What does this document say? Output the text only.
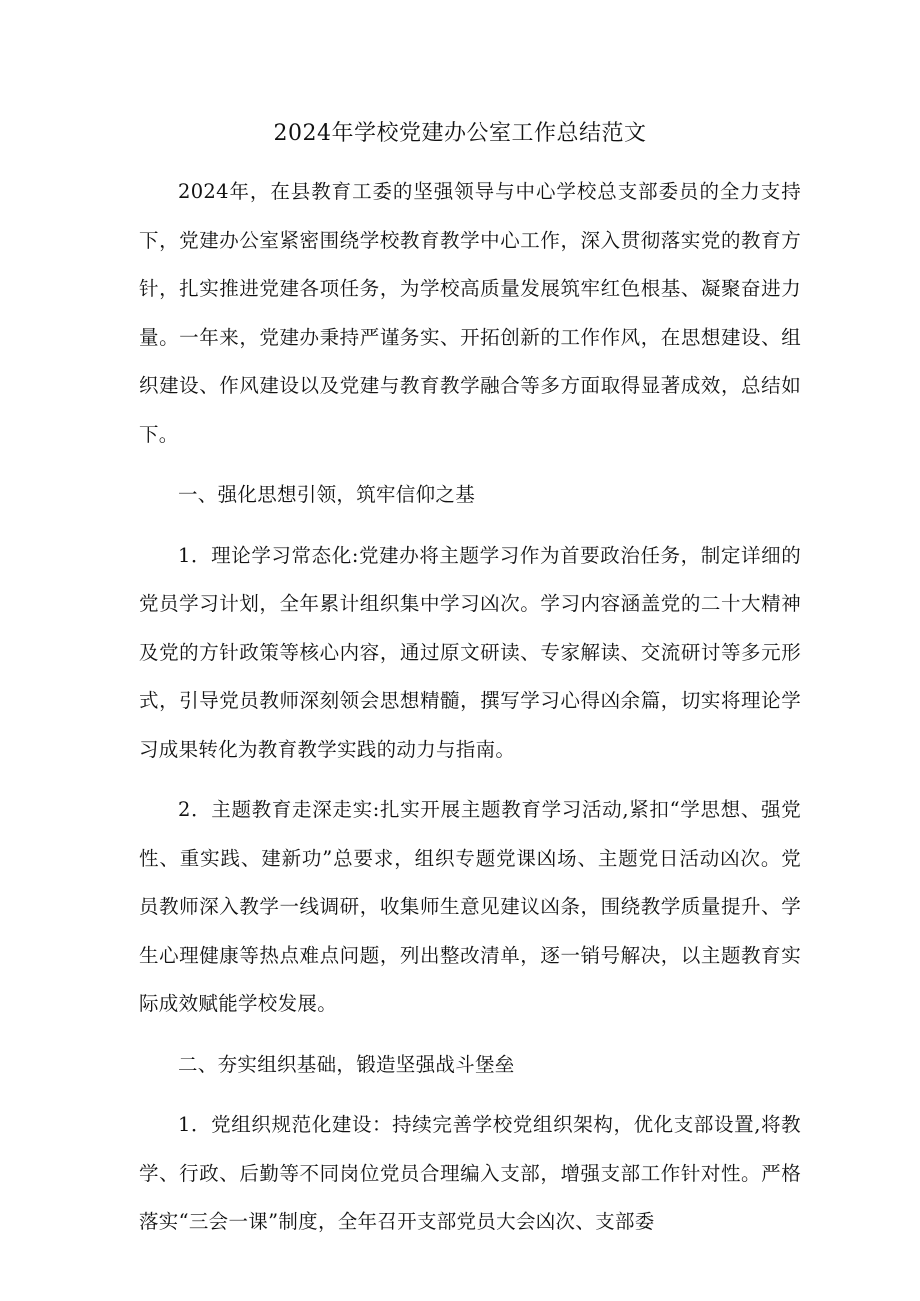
2024年学校党建办公室工作总结范文

2024年，在县教育工委的坚强领导与中心学校总支部委员的全力支持下，党建办公室紧密围绕学校教育教学中心工作，深入贯彻落实党的教育方针，扎实推进党建各项任务，为学校高质量发展筑牢红色根基、凝聚奋进力量。一年来，党建办秉持严谨务实、开拓创新的工作作风，在思想建设、组织建设、作风建设以及党建与教育教学融合等多方面取得显著成效，总结如下。

一、强化思想引领，筑牢信仰之基

1．理论学习常态化:党建办将主题学习作为首要政治任务，制定详细的党员学习计划，全年累计组织集中学习凶次。学习内容涵盖党的二十大精神及党的方针政策等核心内容，通过原文研读、专家解读、交流研讨等多元形式，引导党员教师深刻领会思想精髓，撰写学习心得凶余篇，切实将理论学习成果转化为教育教学实践的动力与指南。

2．主题教育走深走实:扎实开展主题教育学习活动,紧扣“学思想、强党性、重实践、建新功”总要求，组织专题党课凶场、主题党日活动凶次。党员教师深入教学一线调研，收集师生意见建议凶条，围绕教学质量提升、学生心理健康等热点难点问题，列出整改清单，逐一销号解决，以主题教育实际成效赋能学校发展。

二、夯实组织基础，锻造坚强战斗堡垒

1．党组织规范化建设：持续完善学校党组织架构，优化支部设置,将教学、行政、后勤等不同岗位党员合理编入支部，增强支部工作针对性。严格落实“三会一课”制度，全年召开支部党员大会凶次、支部委
